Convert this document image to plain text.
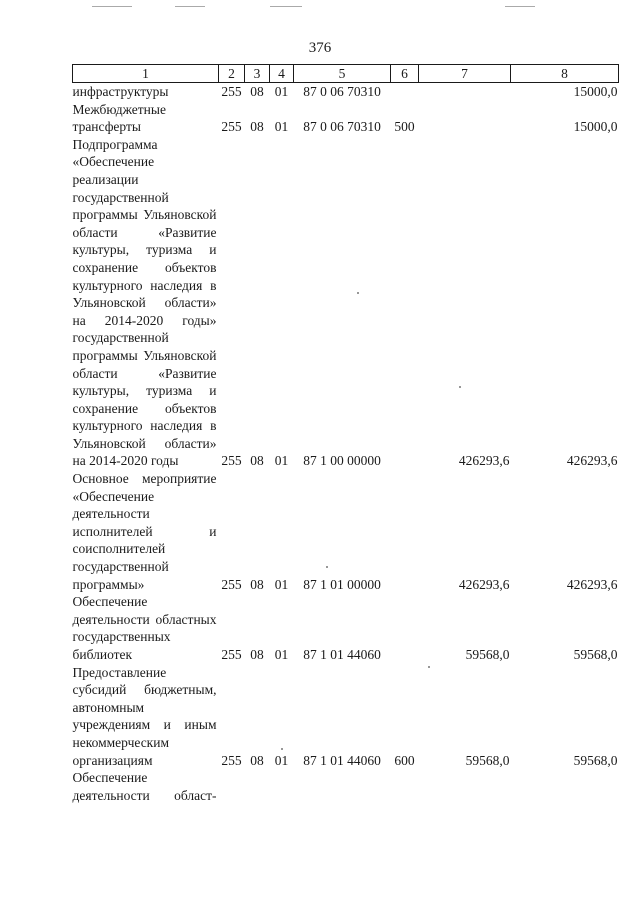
376
1	2	3	4	5	6	7	8
инфраструктуры	255	08	01	87 0 06 70310			15000,0
Межбюджетные трансферты	255	08	01	87 0 06 70310	500		15000,0
Подпрограмма «Обеспечение реализации государственной программы Ульяновской области «Развитие культуры, туризма и сохранение объектов культурного наследия в Ульяновской области» на 2014-2020 годы» государственной программы Ульяновской области «Развитие культуры, туризма и сохранение объектов культурного наследия в Ульяновской области» на 2014-2020 годы	255	08	01	87 1 00 00000		426293,6	426293,6
Основное мероприятие «Обеспечение деятельности исполнителей и соисполнителей государственной программы»	255	08	01	87 1 01 00000		426293,6	426293,6
Обеспечение деятельности областных государственных библиотек	255	08	01	87 1 01 44060		59568,0	59568,0
Предоставление субсидий бюджетным, автономным учреждениям и иным некоммерческим организациям	255	08	01	87 1 01 44060	600	59568,0	59568,0
Обеспечение деятельности област-							
